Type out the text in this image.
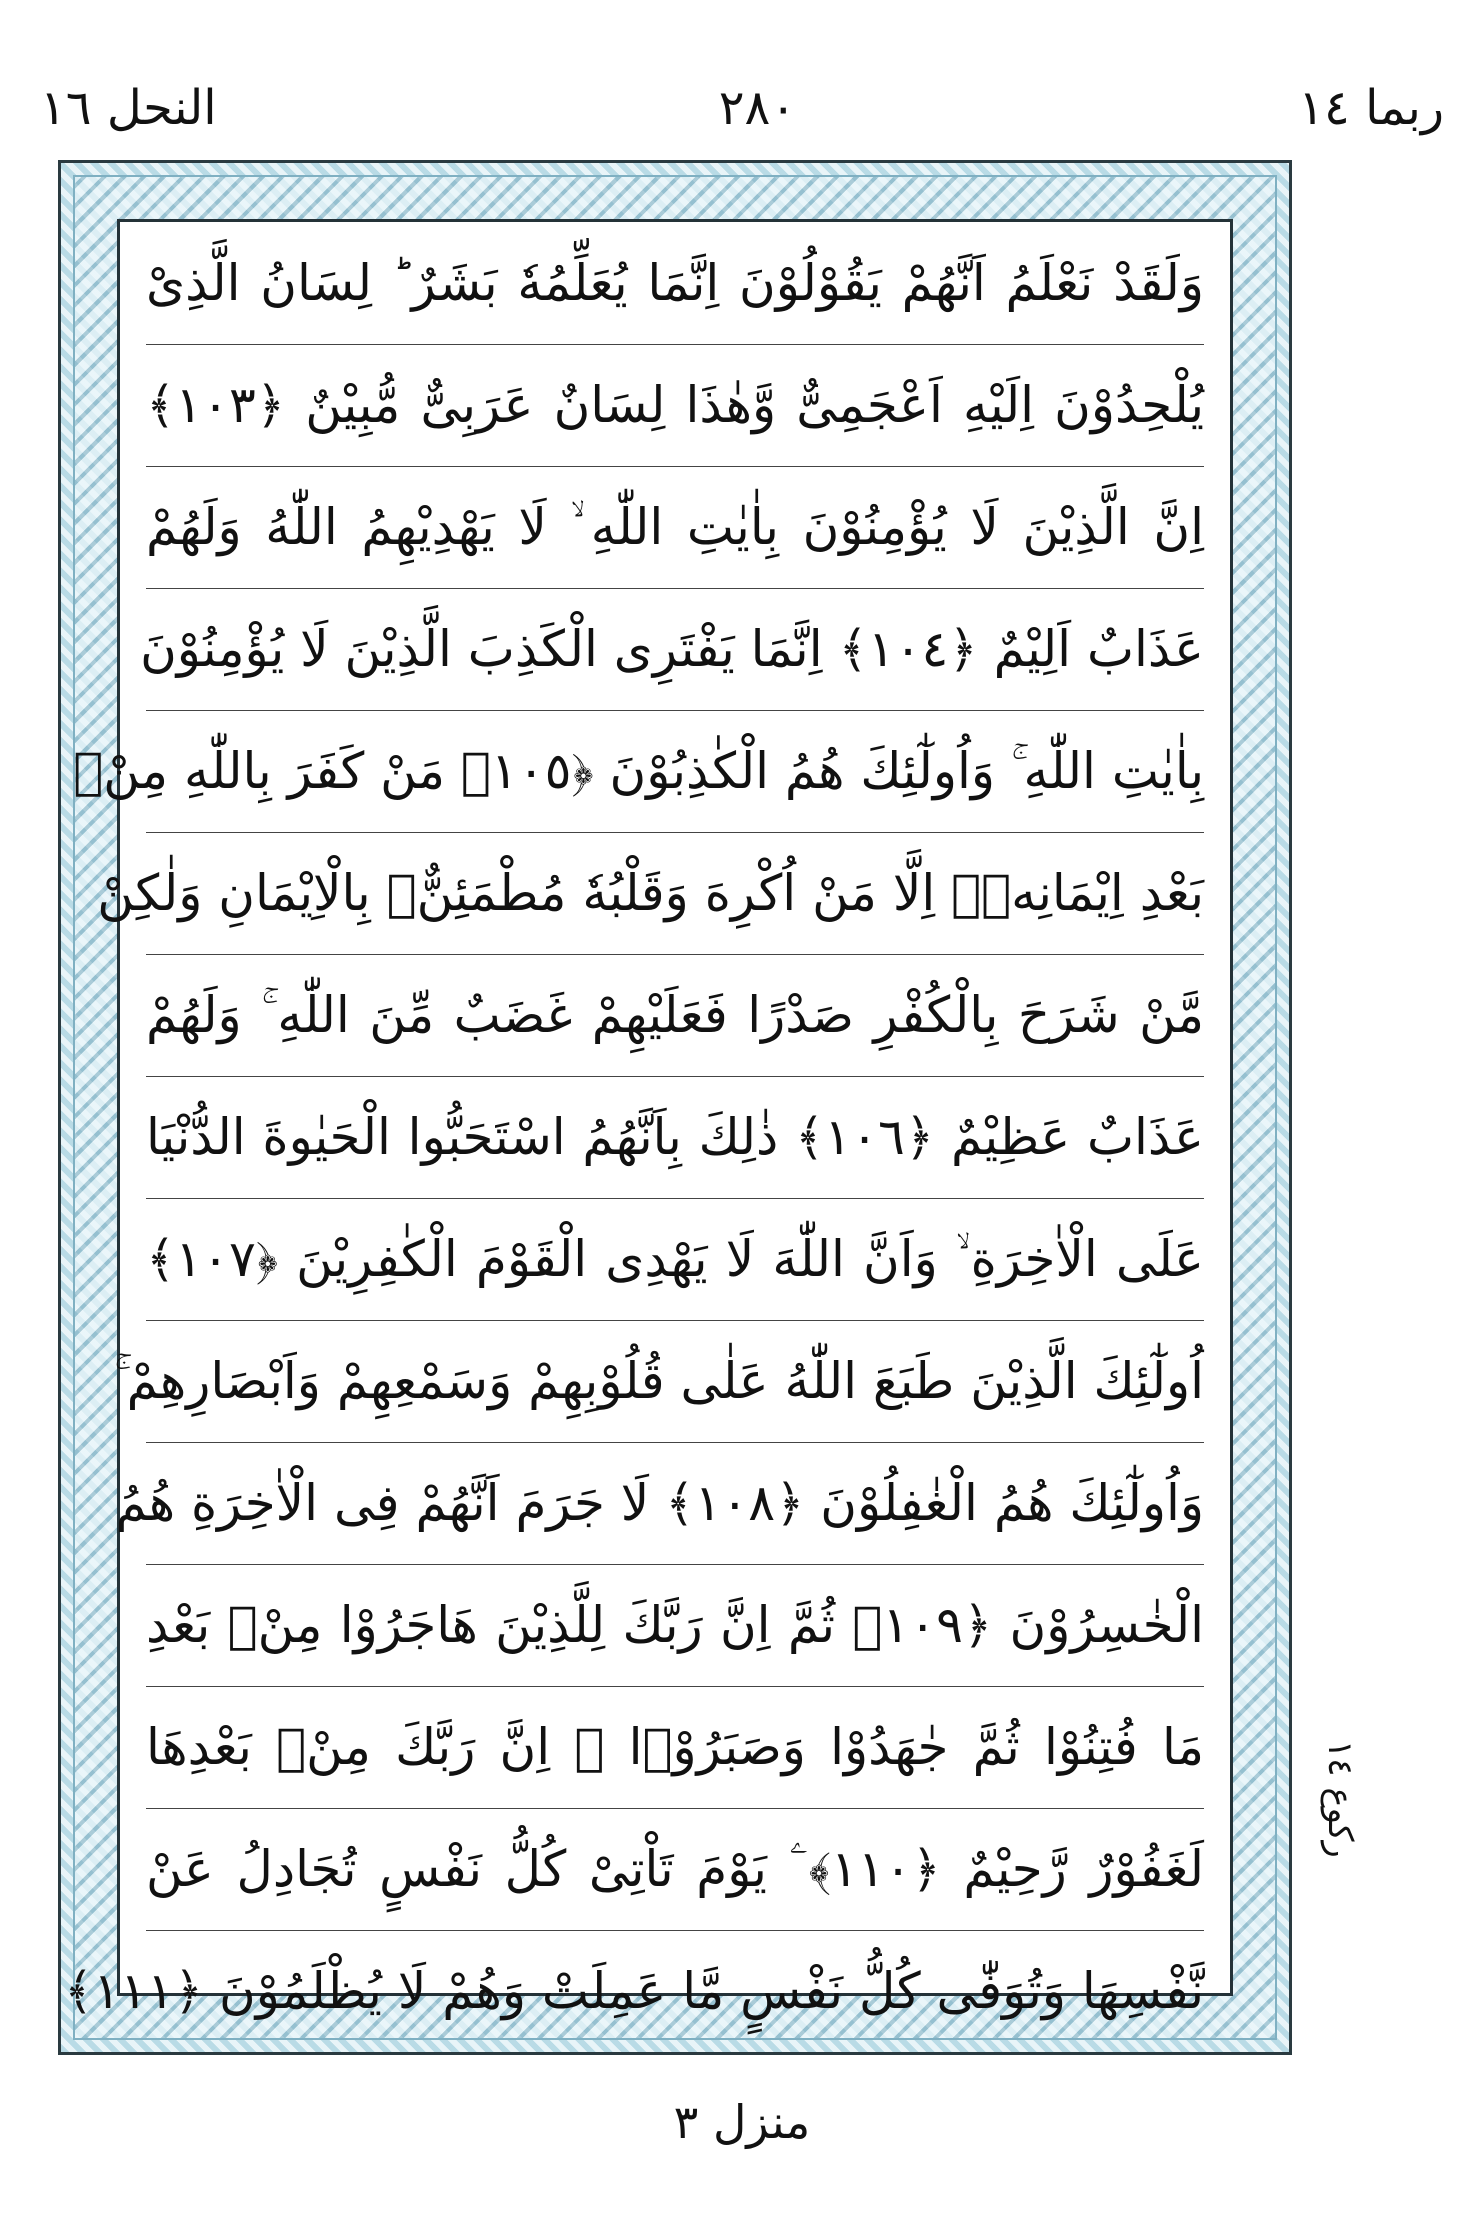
ربما ١٤
٢٨٠
النحل ١٦
وَلَقَدْ نَعْلَمُ اَنَّهُمْ يَقُوْلُوْنَ اِنَّمَا يُعَلِّمُهٗ بَشَرٌ ؕ لِسَانُ الَّذِىْ
يُلْحِدُوْنَ اِلَيْهِ اَعْجَمِىٌّ وَّهٰذَا لِسَانٌ عَرَبِىٌّ مُّبِيْنٌ ﴿١٠٣﴾
اِنَّ الَّذِيْنَ لَا يُؤْمِنُوْنَ بِاٰيٰتِ اللّٰهِ ۙ لَا يَهْدِيْهِمُ اللّٰهُ وَلَهُمْ
عَذَابٌ اَلِيْمٌ ﴿١٠٤﴾ اِنَّمَا يَفْتَرِى الْكَذِبَ الَّذِيْنَ لَا يُؤْمِنُوْنَ
بِاٰيٰتِ اللّٰهِ ۚ وَاُولٰٓئِكَ هُمُ الْكٰذِبُوْنَ ﴿١٠٥﴾ مَنْ كَفَرَ بِاللّٰهِ مِنْۢ
بَعْدِ اِيْمَانِهٖۤ اِلَّا مَنْ اُكْرِهَ وَقَلْبُهٗ مُطْمَئِنٌّۢ بِالْاِيْمَانِ وَلٰكِنْ
مَّنْ شَرَحَ بِالْكُفْرِ صَدْرًا فَعَلَيْهِمْ غَضَبٌ مِّنَ اللّٰهِ ۚ وَلَهُمْ
عَذَابٌ عَظِيْمٌ ﴿١٠٦﴾ ذٰلِكَ بِاَنَّهُمُ اسْتَحَبُّوا الْحَيٰوةَ الدُّنْيَا
عَلَى الْاٰخِرَةِ ۙ وَاَنَّ اللّٰهَ لَا يَهْدِى الْقَوْمَ الْكٰفِرِيْنَ ﴿١٠٧﴾
اُولٰٓئِكَ الَّذِيْنَ طَبَعَ اللّٰهُ عَلٰى قُلُوْبِهِمْ وَسَمْعِهِمْ وَاَبْصَارِهِمْ ۚ
وَاُولٰٓئِكَ هُمُ الْغٰفِلُوْنَ ﴿١٠٨﴾ لَا جَرَمَ اَنَّهُمْ فِى الْاٰخِرَةِ هُمُ
الْخٰسِرُوْنَ ﴿١٠٩﴾ ثُمَّ اِنَّ رَبَّكَ لِلَّذِيْنَ هَاجَرُوْا مِنْۢ بَعْدِ
مَا فُتِنُوْا ثُمَّ جٰهَدُوْا وَصَبَرُوْۤا ۙ اِنَّ رَبَّكَ مِنْۢ بَعْدِهَا
لَغَفُوْرٌ رَّحِيْمٌ ﴿١١٠﴾ ۧ يَوْمَ تَاْتِىْ كُلُّ نَفْسٍ تُجَادِلُ عَنْ
نَّفْسِهَا وَتُوَفّٰى كُلُّ نَفْسٍ مَّا عَمِلَتْ وَهُمْ لَا يُظْلَمُوْنَ ﴿١١١﴾
ركوع ١٤
منزل ٣
